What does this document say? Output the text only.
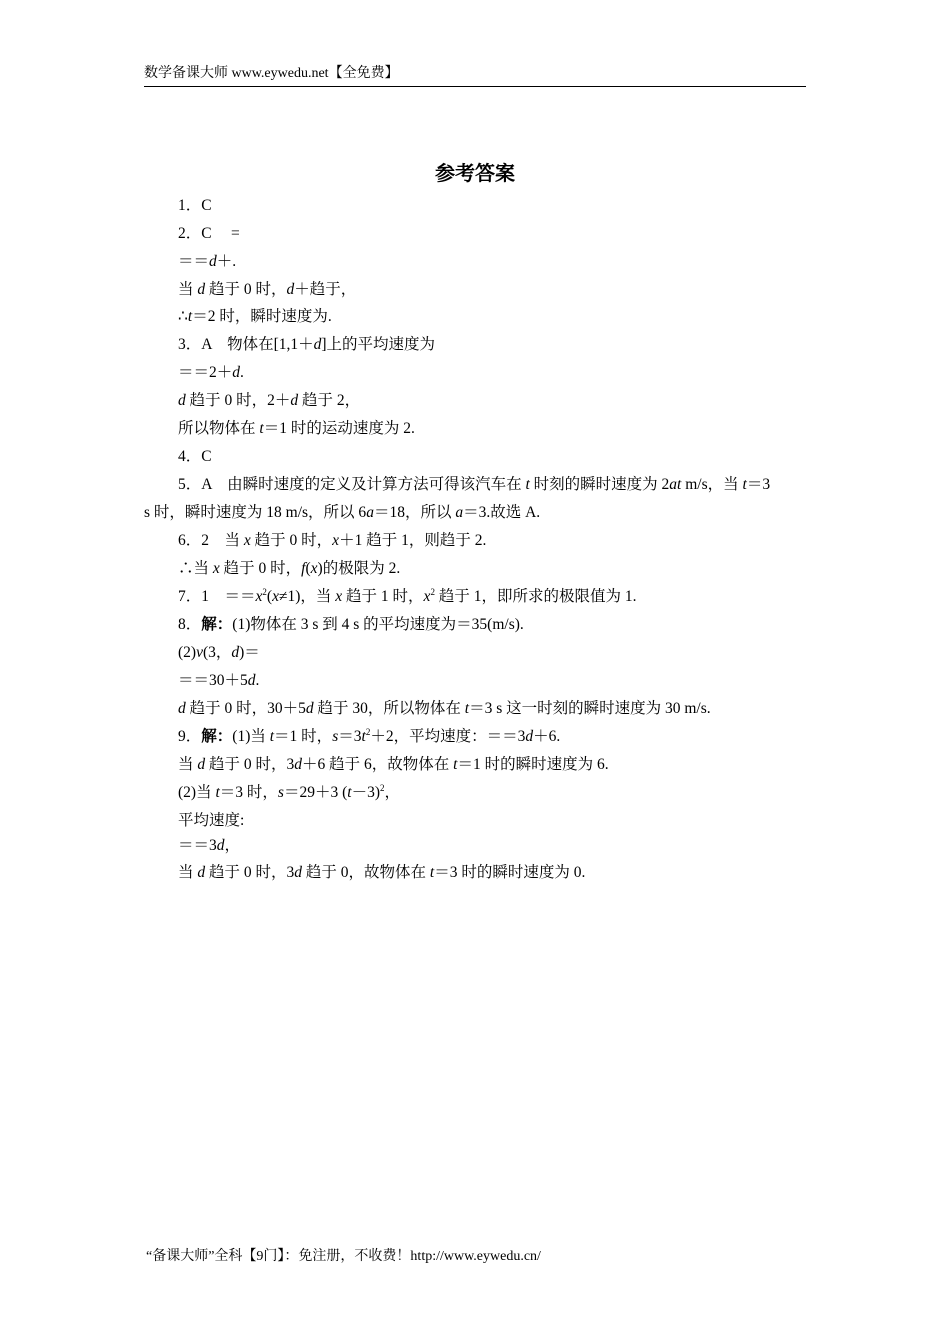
数学备课大师 www.eywedu.net【全免费】
参考答案
1．C
2．C　 =
＝＝d＋.
当 d 趋于 0 时，d＋趋于，
∴t＝2 时，瞬时速度为.
3．A　物体在[1,1＋d]上的平均速度为
＝＝2＋d.
d 趋于 0 时，2＋d 趋于 2，
所以物体在 t＝1 时的运动速度为 2.
4．C
5．A　由瞬时速度的定义及计算方法可得该汽车在 t 时刻的瞬时速度为 2at m/s，当 t＝3
s 时，瞬时速度为 18 m/s，所以 6a＝18，所以 a＝3.故选 A.
6．2　当 x 趋于 0 时，x＋1 趋于 1，则趋于 2.
∴当 x 趋于 0 时，f(x)的极限为 2.
7．1　$==x^2(x\ne 1)$，当 x 趋于 1 时，$x^2$ 趋于 1，即所求的极限值为 1.
8．解：(1)物体在 3 s 到 4 s 的平均速度为＝35(m/s).
(2)v(3，d)＝
＝＝30＋5d.
d 趋于 0 时，30＋5d 趋于 30，所以物体在 t＝3 s 这一时刻的瞬时速度为 30 m/s.
9．解：(1)当 t＝1 时，$s=3t^2+2$，平均速度：＝＝3d＋6.
当 d 趋于 0 时，3d＋6 趋于 6，故物体在 t＝1 时的瞬时速度为 6.
(2)当 t＝3 时，s＝29＋3 $(t-3)^2$，
平均速度:
＝＝3d，
当 d 趋于 0 时，3d 趋于 0，故物体在 t＝3 时的瞬时速度为 0.
“备课大师”全科【9门】：免注册，不收费！http://www.eywedu.cn/
